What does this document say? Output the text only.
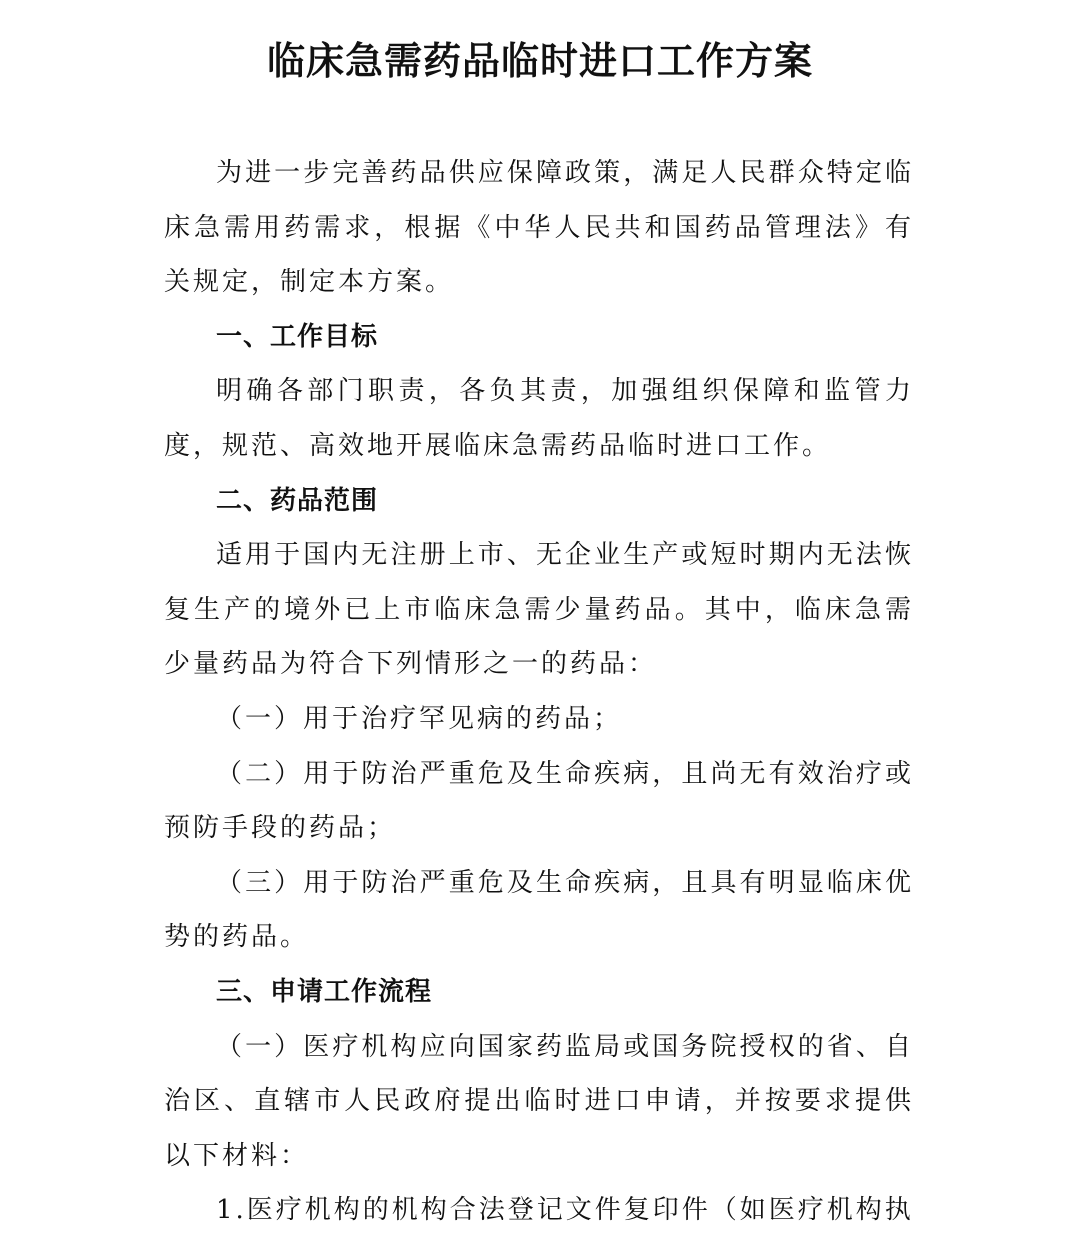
临床急需药品临时进口工作方案

为进一步完善药品供应保障政策，满足人民群众特定临床急需用药需求，根据《中华人民共和国药品管理法》有关规定，制定本方案。

一、工作目标

明确各部门职责，各负其责，加强组织保障和监管力度，规范、高效地开展临床急需药品临时进口工作。

二、药品范围

适用于国内无注册上市、无企业生产或短时期内无法恢复生产的境外已上市临床急需少量药品。其中，临床急需少量药品为符合下列情形之一的药品：

（一）用于治疗罕见病的药品；

（二）用于防治严重危及生命疾病，且尚无有效治疗或预防手段的药品；

（三）用于防治严重危及生命疾病，且具有明显临床优势的药品。

三、申请工作流程

（一）医疗机构应向国家药监局或国务院授权的省、自治区、直辖市人民政府提出临时进口申请，并按要求提供以下材料：

1.医疗机构的机构合法登记文件复印件（如医疗机构执
